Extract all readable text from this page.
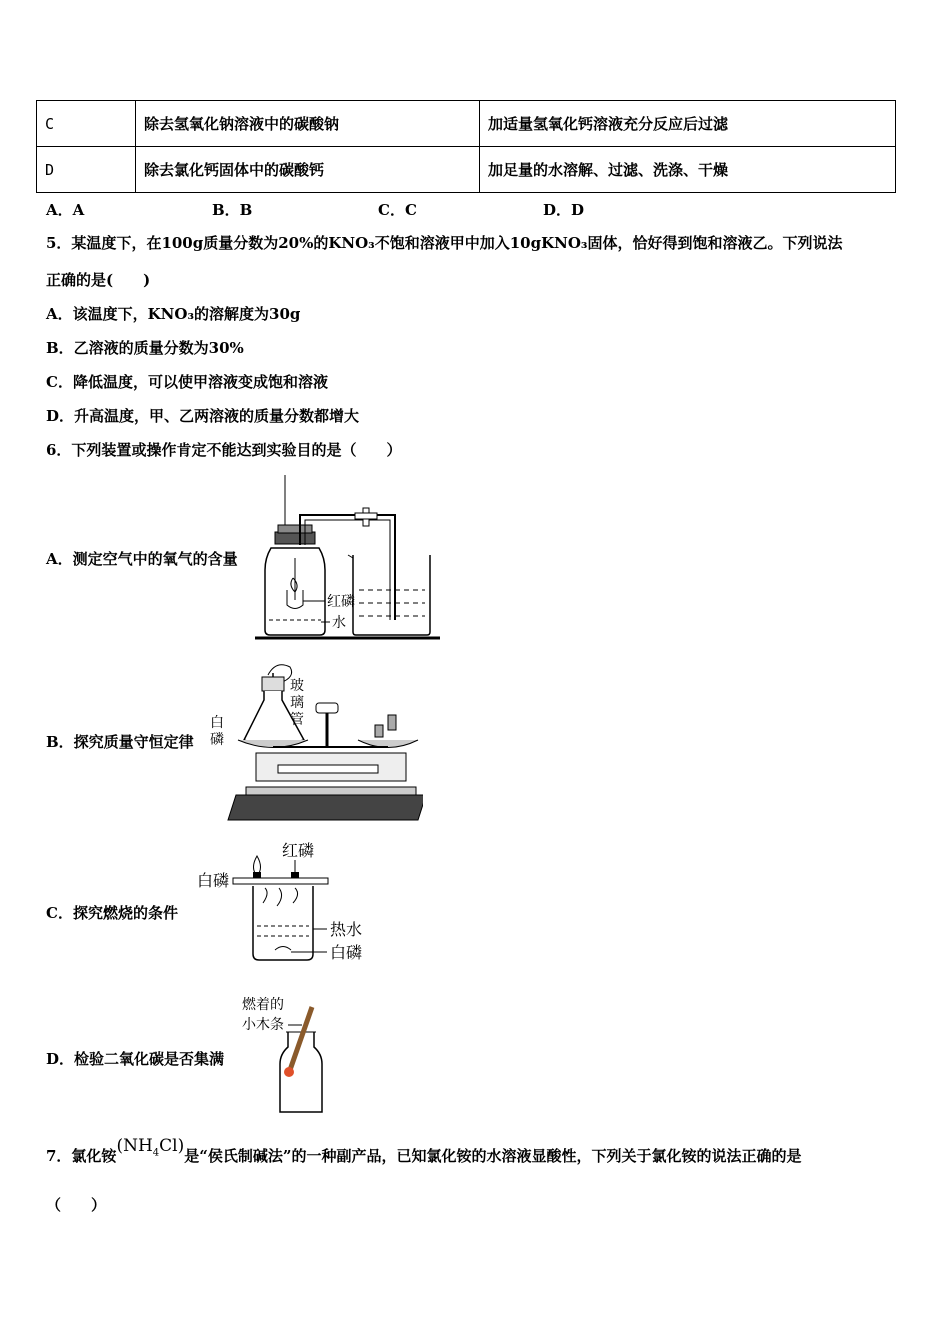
C	除去氢氧化钠溶液中的碳酸钠	加适量氢氧化钙溶液充分反应后过滤
D	除去氯化钙固体中的碳酸钙	加足量的水溶解、过滤、洗涤、干燥
A．A	B．B	C．C	D．D
5．某温度下，在100g质量分数为20%的KNO₃不饱和溶液甲中加入10gKNO₃固体，恰好得到饱和溶液乙。下列说法
正确的是(　　)
A．该温度下，KNO₃的溶解度为30g
B．乙溶液的质量分数为30%
C．降低温度，可以使甲溶液变成饱和溶液
D．升高温度，甲、乙两溶液的质量分数都增大
6．下列装置或操作肯定不能达到实验目的是（　　）
A．测定空气中的氧气的含量
B．探究质量守恒定律
C．探究燃烧的条件
D．检验二氧化碳是否集满
红磷
水
玻
璃
管
白
磷
红磷
白磷
热水
白磷
燃着的
小木条
7．氯化铵$(NH_4Cl)$是“侯氏制碱法”的一种副产品，已知氯化铵的水溶液显酸性，下列关于氯化铵的说法正确的是
（　　）
